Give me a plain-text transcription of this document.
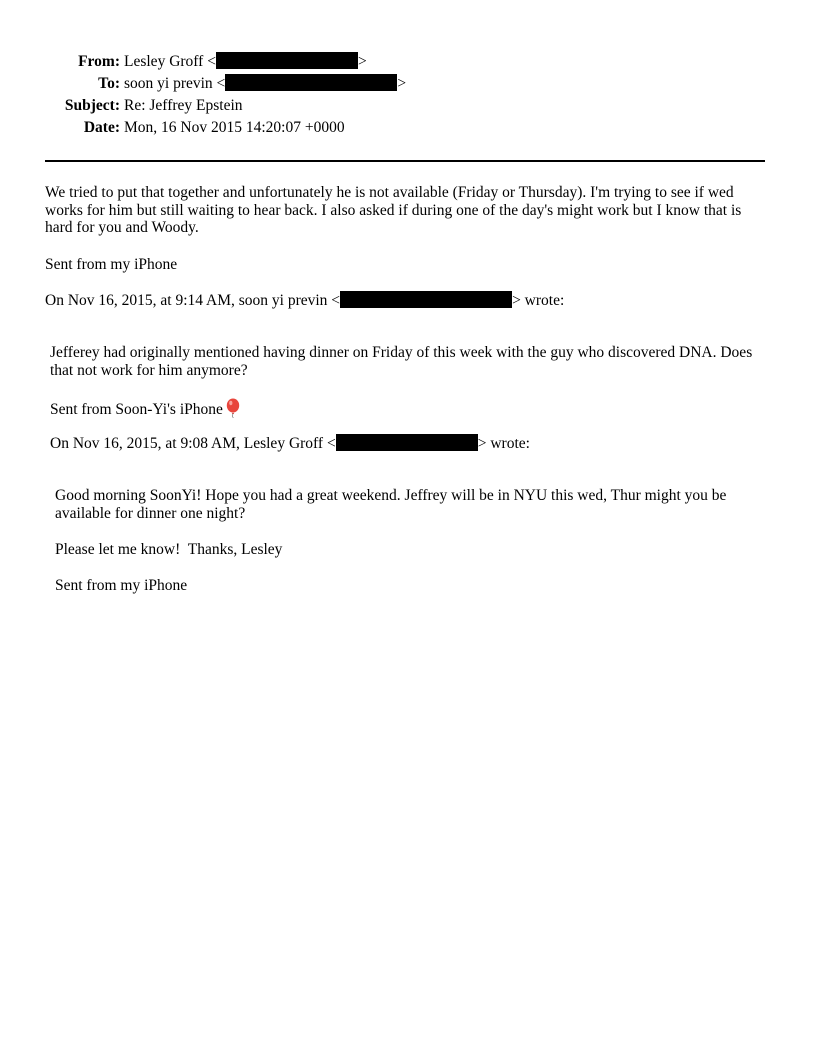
From: Lesley Groff <	>
To: soon yi previn <	>
Subject: Re: Jeffrey Epstein
Date: Mon, 16 Nov 2015 14:20:07 +0000

We tried to put that together and unfortunately he is not available (Friday or Thursday). I'm trying to see if wed works for him but still waiting to hear back. I also asked if during one of the day's might work but I know that is hard for you and Woody.

Sent from my iPhone

On Nov 16, 2015, at 9:14 AM, soon yi previn <	> wrote:

Jefferey had originally mentioned having dinner on Friday of this week with the guy who discovered DNA. Does that not work for him anymore?

Sent from Soon-Yi's iPhone

On Nov 16, 2015, at 9:08 AM, Lesley Groff <	> wrote:

Good morning SoonYi! Hope you had a great weekend. Jeffrey will be in NYU this wed, Thur might you be available for dinner one night?

Please let me know!  Thanks, Lesley

Sent from my iPhone
